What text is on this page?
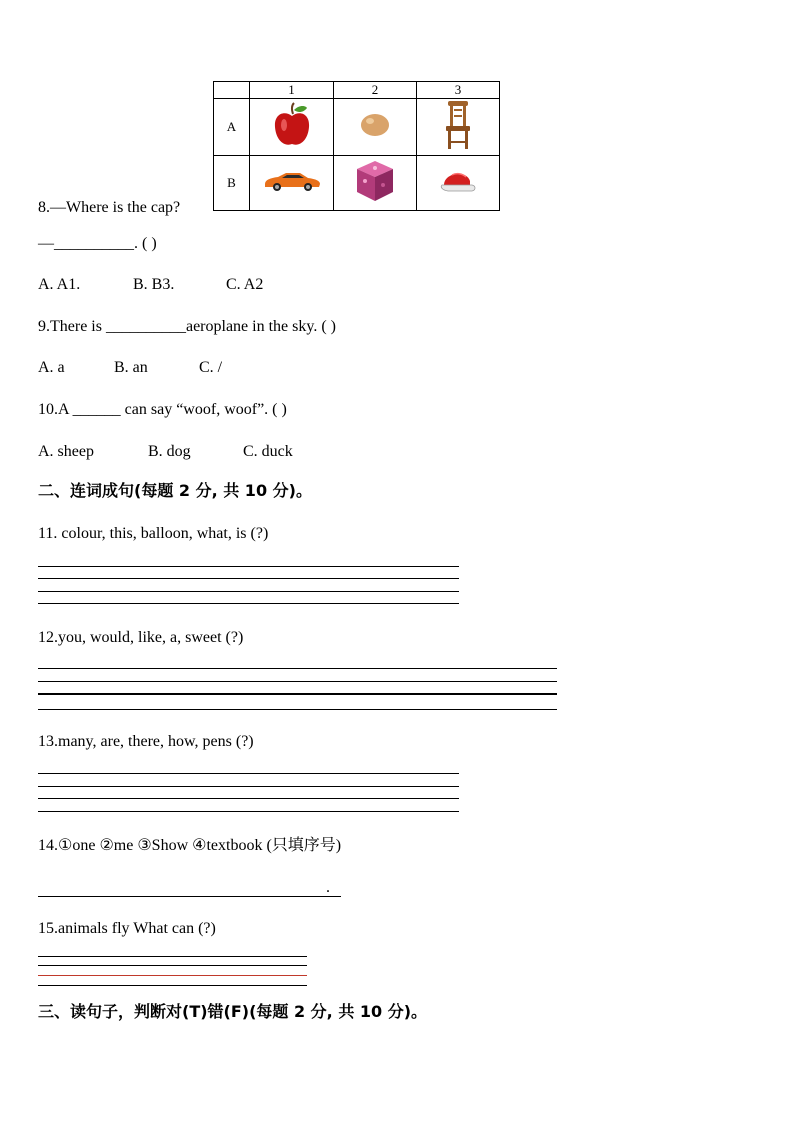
	1	2	3
A			
B			
8.—Where is the cap?
—__________. ( )
A. A1.	B. B3.	C. A2
9.There is __________aeroplane in the sky. ( )
A. a	B. an	C. /
10.A ______ can say “woof, woof”. ( )
A. sheep	B. dog	C. duck
二、连词成句(每题 2 分, 共 10 分)。
11. colour, this, balloon, what, is (?)
12.you, would, like, a, sweet (?)
13.many, are, there, how, pens (?)
14.①one ②me ③Show ④textbook (只填序号)
.
15.animals fly What can (?)
三、读句子，判断对(T)错(F)(每题 2 分, 共 10 分)。
